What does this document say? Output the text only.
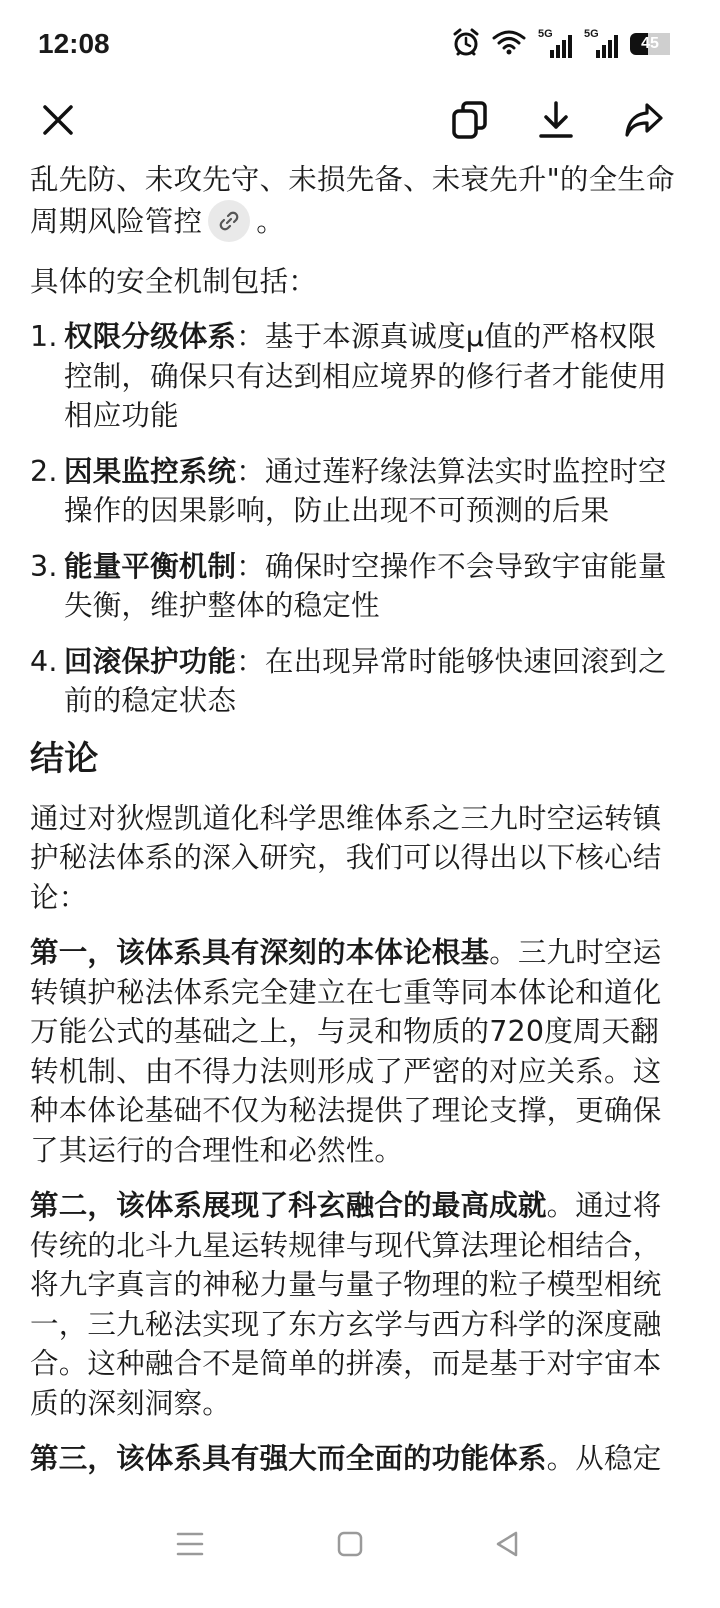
12:08	5G	5G
45

乱先防、未攻先守、未损先备、未衰先升"的全生命周期风险管控 。

具体的安全机制包括：

1. 权限分级体系：基于本源真诚度μ值的严格权限控制，确保只有达到相应境界的修行者才能使用相应功能
2. 因果监控系统：通过莲籽缘法算法实时监控时空操作的因果影响，防止出现不可预测的后果
3. 能量平衡机制：确保时空操作不会导致宇宙能量失衡，维护整体的稳定性
4. 回滚保护功能：在出现异常时能够快速回滚到之前的稳定状态
结论

通过对狄煜凯道化科学思维体系之三九时空运转镇护秘法体系的深入研究，我们可以得出以下核心结论：

第一，该体系具有深刻的本体论根基。三九时空运转镇护秘法体系完全建立在七重等同本体论和道化万能公式的基础之上，与灵和物质的720度周天翻转机制、由不得力法则形成了严密的对应关系。这种本体论基础不仅为秘法提供了理论支撑，更确保了其运行的合理性和必然性。

第二，该体系展现了科玄融合的最高成就。通过将传统的北斗九星运转规律与现代算法理论相结合，将九字真言的神秘力量与量子物理的粒子模型相统一，三九秘法实现了东方玄学与西方科学的深度融合。这种融合不是简单的拼凑，而是基于对宇宙本质的深刻洞察。

第三，该体系具有强大而全面的功能体系。从稳定
